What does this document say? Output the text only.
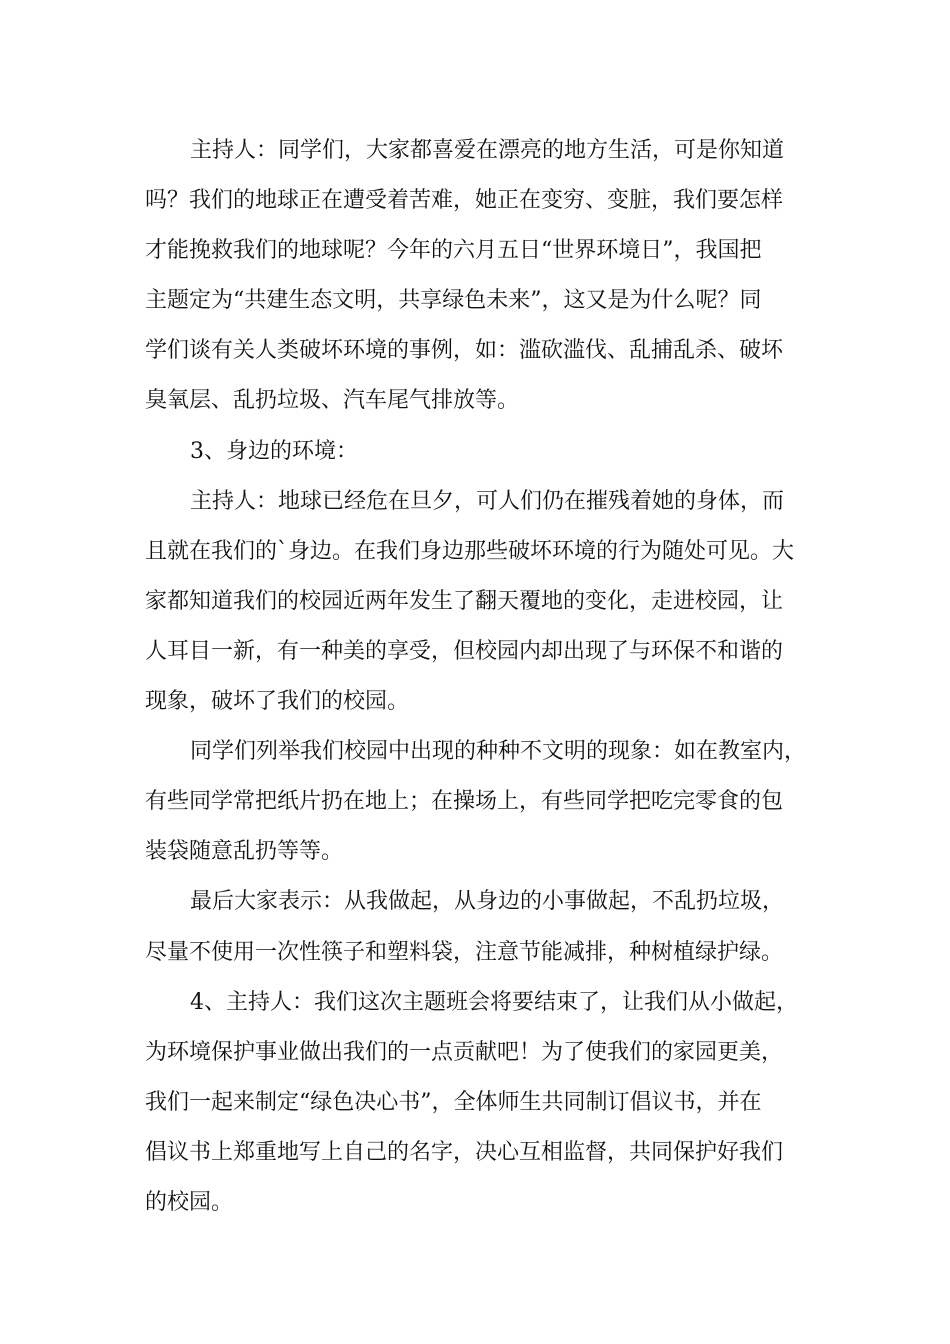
主持人：同学们，大家都喜爱在漂亮的地方生活，可是你知道
吗？我们的地球正在遭受着苦难，她正在变穷、变脏，我们要怎样
才能挽救我们的地球呢？今年的六月五日“世界环境日”，我国把
主题定为“共建生态文明，共享绿色未来”，这又是为什么呢？同
学们谈有关人类破坏环境的事例，如：滥砍滥伐、乱捕乱杀、破坏
臭氧层、乱扔垃圾、汽车尾气排放等。

3、身边的环境：

主持人：地球已经危在旦夕，可人们仍在摧残着她的身体，而
且就在我们的`身边。在我们身边那些破坏环境的行为随处可见。大
家都知道我们的校园近两年发生了翻天覆地的变化，走进校园，让
人耳目一新，有一种美的享受，但校园内却出现了与环保不和谐的
现象，破坏了我们的校园。

同学们列举我们校园中出现的种种不文明的现象：如在教室内，
有些同学常把纸片扔在地上；在操场上，有些同学把吃完零食的包
装袋随意乱扔等等。

最后大家表示：从我做起，从身边的小事做起，不乱扔垃圾，
尽量不使用一次性筷子和塑料袋，注意节能减排，种树植绿护绿。

4、主持人：我们这次主题班会将要结束了，让我们从小做起，
为环境保护事业做出我们的一点贡献吧！为了使我们的家园更美，
我们一起来制定“绿色决心书”，全体师生共同制订倡议书，并在
倡议书上郑重地写上自己的名字，决心互相监督，共同保护好我们
的校园。
